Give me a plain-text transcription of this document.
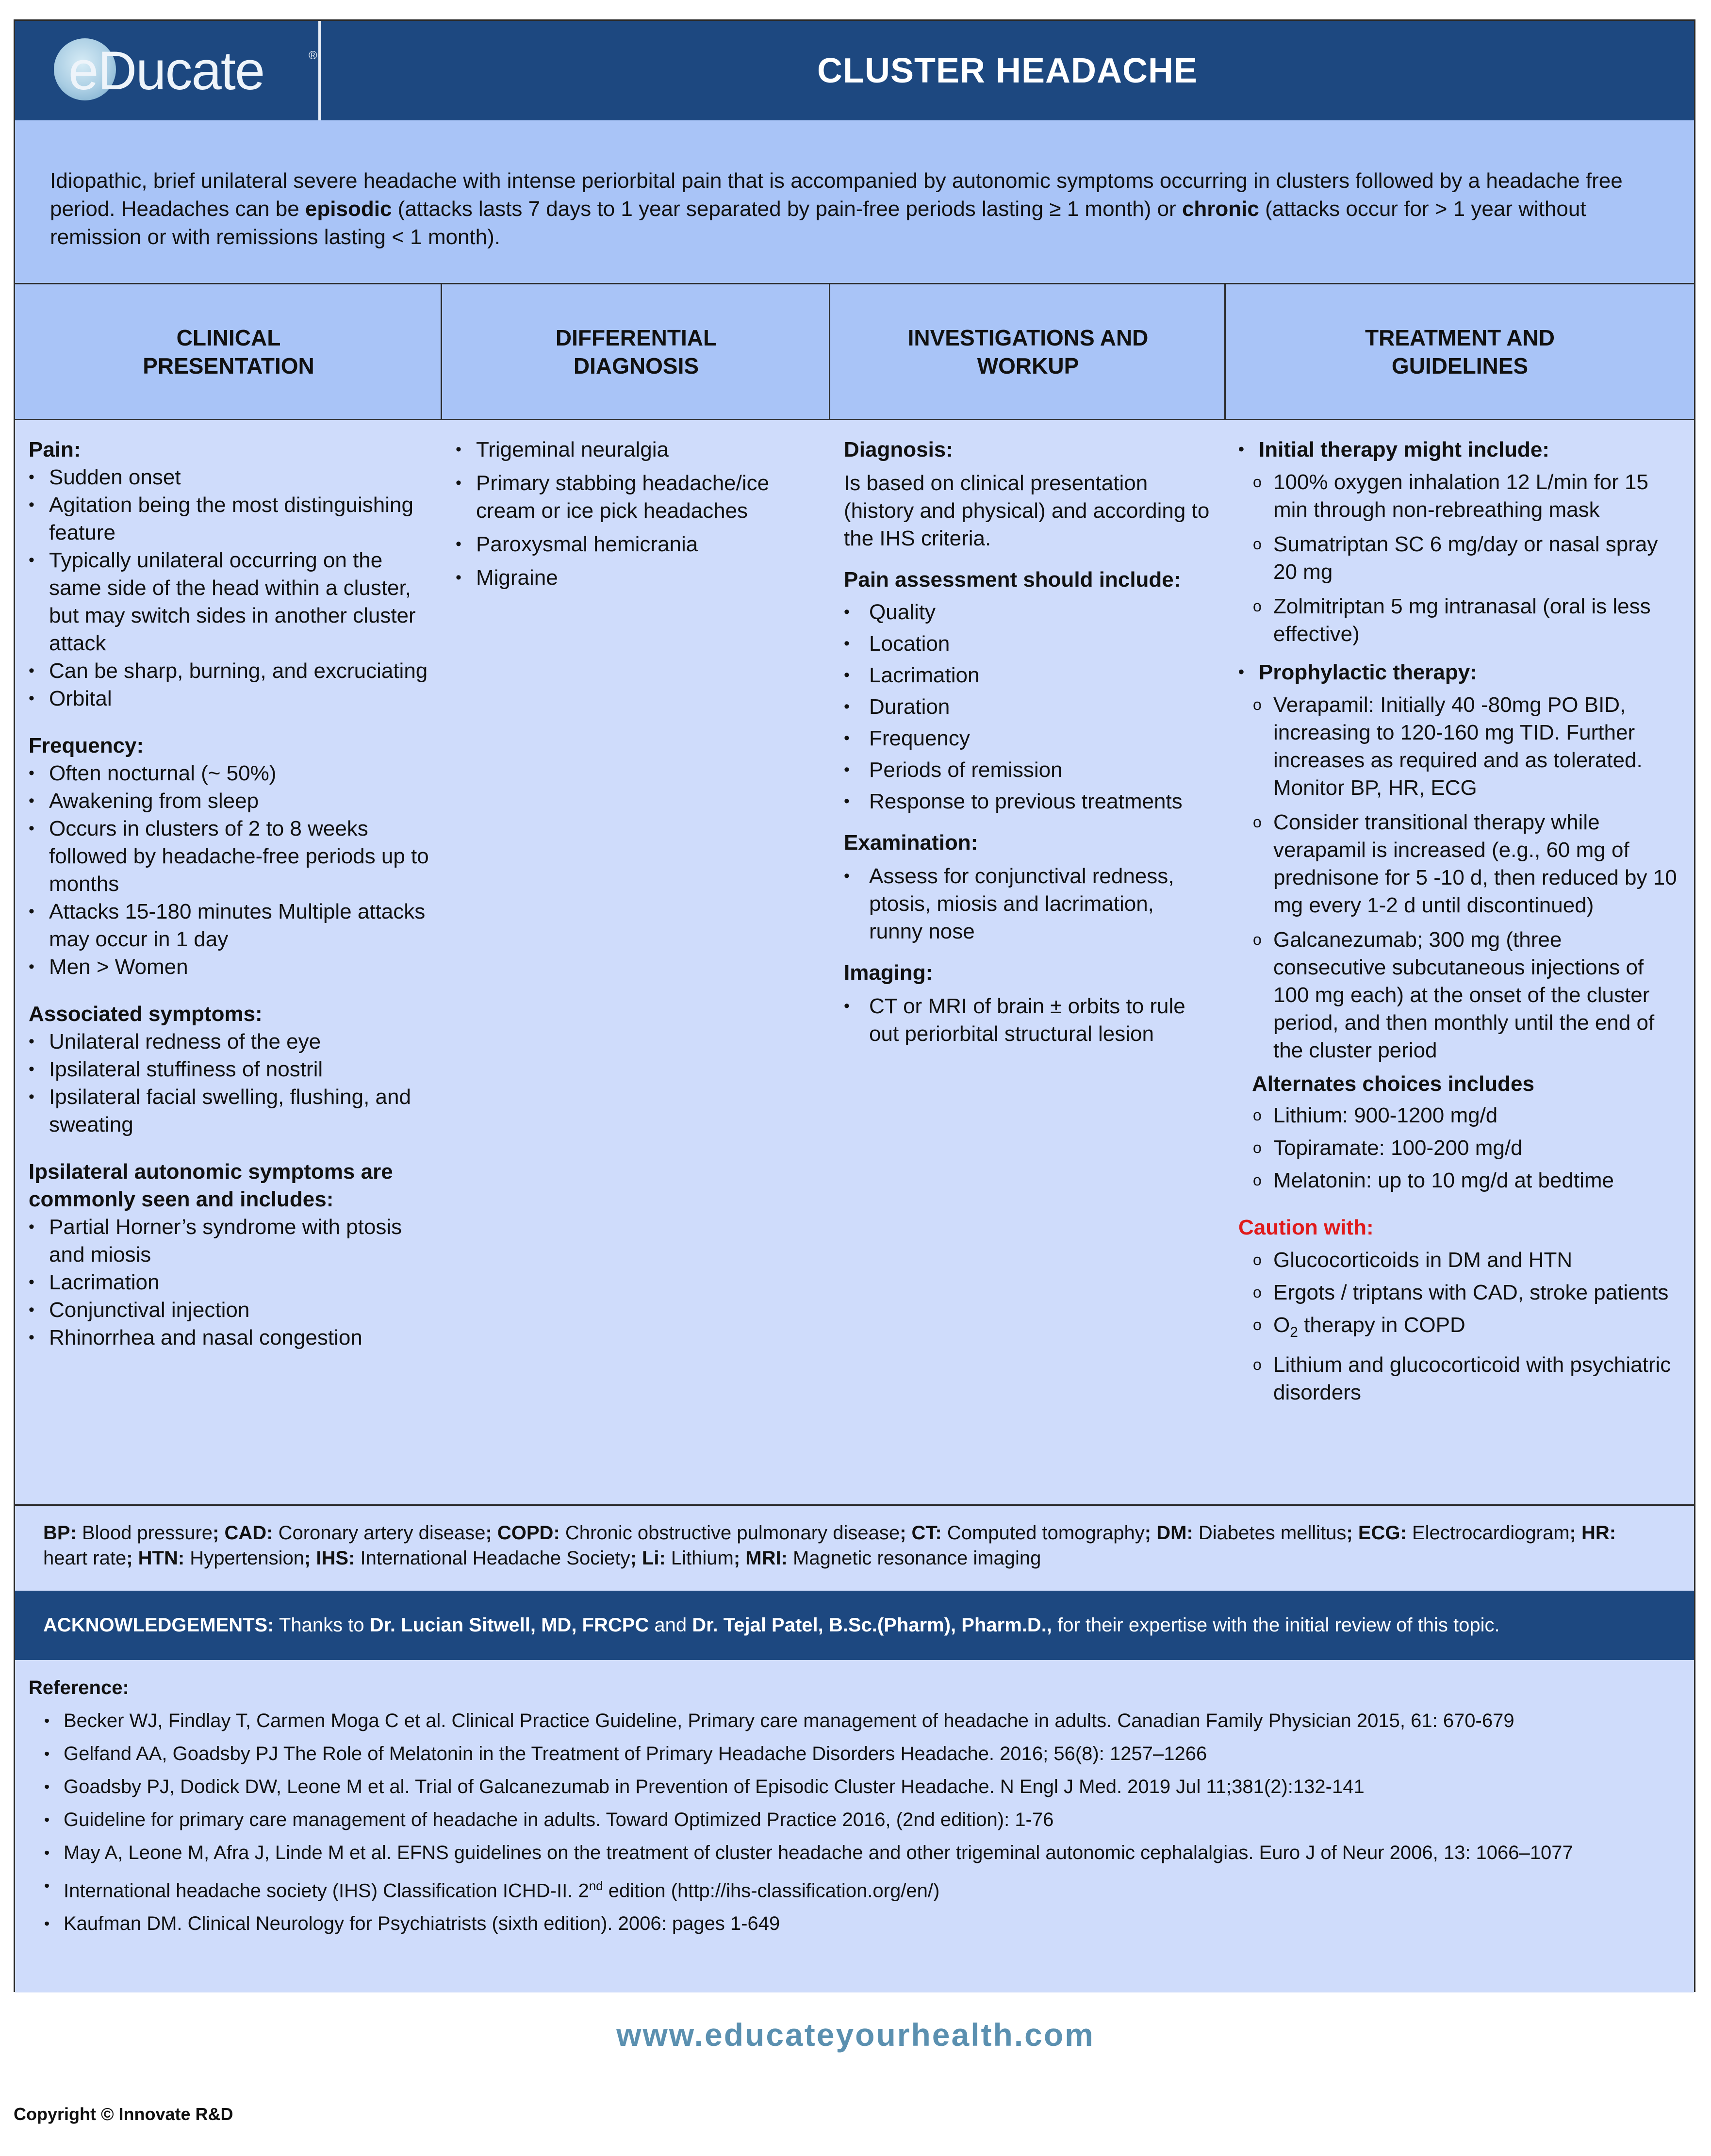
eDucate	®	CLUSTER HEADACHE
Idiopathic, brief unilateral severe headache with intense periorbital pain that is accompanied by autonomic symptoms occurring in clusters followed by a headache free period. Headaches can be episodic (attacks lasts 7 days to 1 year separated by pain-free periods lasting ≥ 1 month) or chronic (attacks occur for > 1 year without remission or with remissions lasting < 1 month).
CLINICAL
PRESENTATION
DIFFERENTIAL
DIAGNOSIS
INVESTIGATIONS AND
WORKUP
TREATMENT AND
GUIDELINES

Pain:

• Sudden onset
• Agitation being the most distinguishing feature
• Typically unilateral occurring on the same side of the head within a cluster, but may switch sides in another cluster attack
• Can be sharp, burning, and excruciating
• Orbital

Frequency:

• Often nocturnal (~ 50%)
• Awakening from sleep
• Occurs in clusters of 2 to 8 weeks followed by headache-free periods up to months
• Attacks 15-180 minutes Multiple attacks may occur in 1 day
• Men > Women

Associated symptoms:

• Unilateral redness of the eye
• Ipsilateral stuffiness of nostril
• Ipsilateral facial swelling, flushing, and sweating

Ipsilateral autonomic symptoms are commonly seen and includes:

• Partial Horner’s syndrome with ptosis and miosis
• Lacrimation
• Conjunctival injection
• Rhinorrhea and nasal congestion
• Trigeminal neuralgia
• Primary stabbing headache/ice cream or ice pick headaches
• Paroxysmal hemicrania
• Migraine

Diagnosis:

Is based on clinical presentation (history and physical) and according to the IHS criteria.

Pain assessment should include:

• Quality
• Location
• Lacrimation
• Duration
• Frequency
• Periods of remission
• Response to previous treatments

Examination:

• Assess for conjunctival redness, ptosis, miosis and lacrimation, runny nose

Imaging:

• CT or MRI of brain ± orbits to rule out periorbital structural lesion
• Initial therapy might include:
o 100% oxygen inhalation 12 L/min for 15 min through non-rebreathing mask
o Sumatriptan SC 6 mg/day or nasal spray 20 mg
o Zolmitriptan 5 mg intranasal (oral is less effective)
• Prophylactic therapy:
o Verapamil: Initially 40 -80mg PO BID, increasing to 120-160 mg TID. Further increases as required and as tolerated. Monitor BP, HR, ECG
o Consider transitional therapy while verapamil is increased (e.g., 60 mg of prednisone for 5 -10 d, then reduced by 10 mg every 1-2 d until discontinued)
o Galcanezumab; 300 mg (three consecutive subcutaneous injections of 100 mg each) at the onset of the cluster period, and then monthly until the end of the cluster period

Alternates choices includes

o Lithium: 900-1200 mg/d
o Topiramate: 100-200 mg/d
o Melatonin: up to 10 mg/d at bedtime

Caution with:

o Glucocorticoids in DM and HTN
o Ergots / triptans with CAD, stroke patients
o $O_2$ therapy in COPD
o Lithium and glucocorticoid with psychiatric disorders
BP: Blood pressure; CAD: Coronary artery disease; COPD: Chronic obstructive pulmonary disease; CT: Computed tomography; DM: Diabetes mellitus; ECG: Electrocardiogram; HR: heart rate; HTN: Hypertension; IHS: International Headache Society; Li: Lithium; MRI: Magnetic resonance imaging
ACKNOWLEDGEMENTS: Thanks to Dr. Lucian Sitwell, MD, FRCPC and Dr. Tejal Patel, B.Sc.(Pharm), Pharm.D., for their expertise with the initial review of this topic.

Reference:

• Becker WJ, Findlay T, Carmen Moga C et al. Clinical Practice Guideline, Primary care management of headache in adults. Canadian Family Physician 2015, 61: 670-679
• Gelfand AA, Goadsby PJ The Role of Melatonin in the Treatment of Primary Headache Disorders Headache. 2016; 56(8): 1257–1266
• Goadsby PJ, Dodick DW, Leone M et al. Trial of Galcanezumab in Prevention of Episodic Cluster Headache. N Engl J Med. 2019 Jul 11;381(2):132-141
• Guideline for primary care management of headache in adults. Toward Optimized Practice 2016, (2nd edition): 1-76
• May A, Leone M, Afra J, Linde M et al. EFNS guidelines on the treatment of cluster headache and other trigeminal autonomic cephalalgias. Euro J of Neur 2006, 13: 1066–1077
• International headache society (IHS) Classification ICHD-II. 2nd edition (http://ihs-classification.org/en/)
• Kaufman DM. Clinical Neurology for Psychiatrists (sixth edition). 2006: pages 1-649
www.educateyourhealth.com
Copyright © Innovate R&D
